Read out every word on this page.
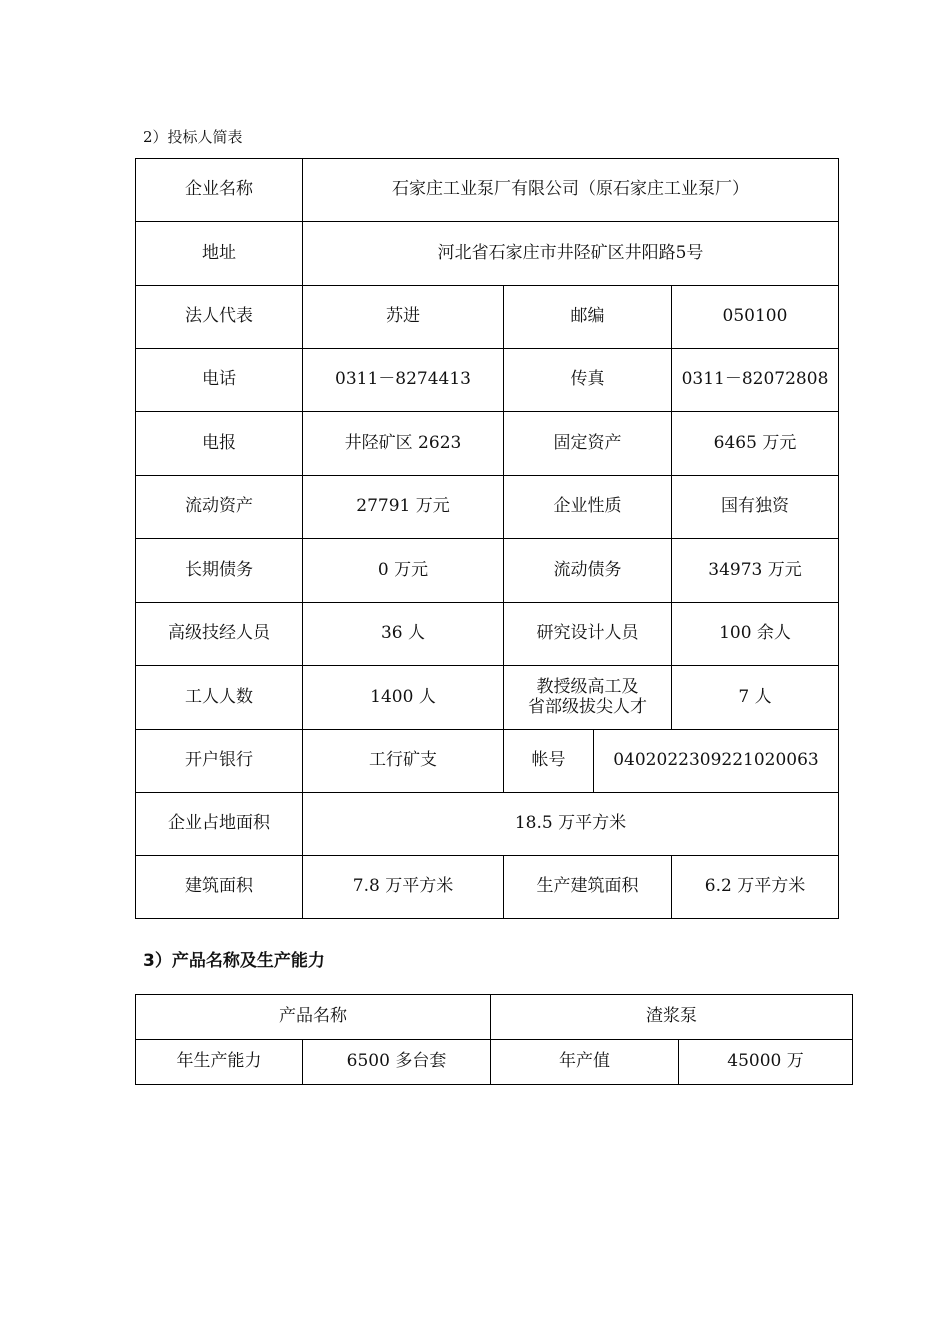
2）投标人简表
企业名称	石家庄工业泵厂有限公司（原石家庄工业泵厂）			
地址	河北省石家庄市井陉矿区井阳路5号			
法人代表	苏进	邮编		050100
电话	0311－8274413	传真		0311－82072808
电报	井陉矿区 2623	固定资产		6465 万元
流动资产	27791 万元	企业性质		国有独资
长期债务	0 万元	流动债务		34973 万元
高级技经人员	36 人	研究设计人员		100 余人
工人人数	1400 人	教授级高工及
省部级拔尖人才		7 人
开户银行	工行矿支	帐号	0402022309221020063	
企业占地面积	18.5 万平方米			
建筑面积	7.8 万平方米	生产建筑面积		6.2 万平方米
3）产品名称及生产能力
产品名称		渣浆泵	
年生产能力	6500 多台套	年产值	45000 万
